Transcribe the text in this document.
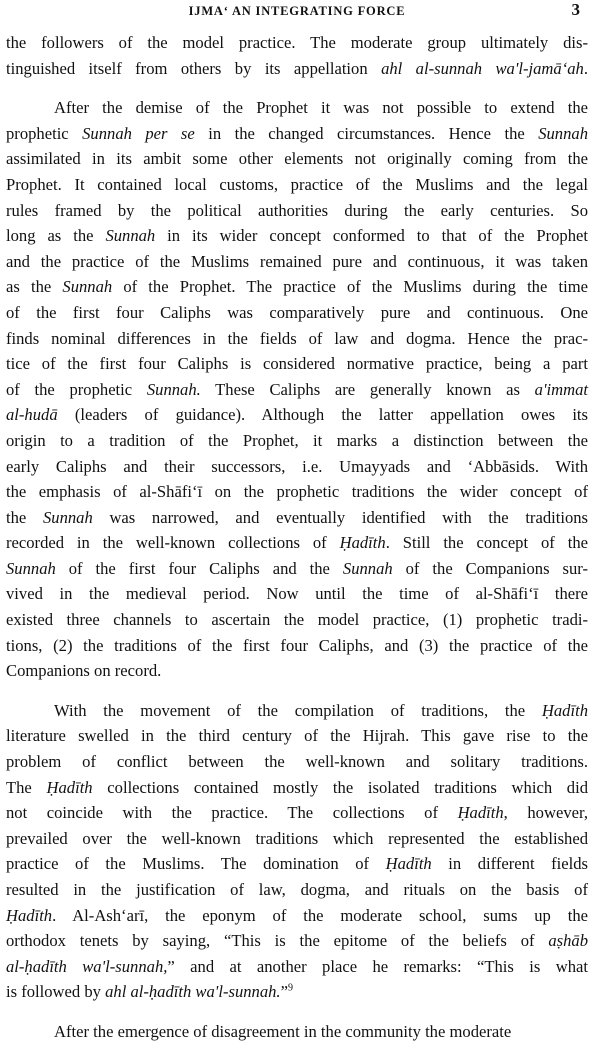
IJMA‘ AN INTEGRATING FORCE	3
the followers of the model practice. The moderate group ultimately dis-
tinguished itself from others by its appellation ahl al-sunnah wa'l-jamā‘ah.
After the demise of the Prophet it was not possible to extend the
prophetic Sunnah per se in the changed circumstances. Hence the Sunnah
assimilated in its ambit some other elements not originally coming from the
Prophet. It contained local customs, practice of the Muslims and the legal
rules framed by the political authorities during the early centuries. So
long as the Sunnah in its wider concept conformed to that of the Prophet
and the practice of the Muslims remained pure and continuous, it was taken
as the Sunnah of the Prophet. The practice of the Muslims during the time
of the first four Caliphs was comparatively pure and continuous. One
finds nominal differences in the fields of law and dogma. Hence the prac-
tice of the first four Caliphs is considered normative practice, being a part
of the prophetic Sunnah. These Caliphs are generally known as a'immat
al-hudā (leaders of guidance). Although the latter appellation owes its
origin to a tradition of the Prophet, it marks a distinction between the
early Caliphs and their successors, i.e. Umayyads and ‘Abbāsids. With
the emphasis of al-Shāfi‘ī on the prophetic traditions the wider concept of
the Sunnah was narrowed, and eventually identified with the traditions
recorded in the well-known collections of Ḥadīth. Still the concept of the
Sunnah of the first four Caliphs and the Sunnah of the Companions sur-
vived in the medieval period. Now until the time of al-Shāfi‘ī there
existed three channels to ascertain the model practice, (1) prophetic tradi-
tions, (2) the traditions of the first four Caliphs, and (3) the practice of the
Companions on record.
With the movement of the compilation of traditions, the Ḥadīth
literature swelled in the third century of the Hijrah. This gave rise to the
problem of conflict between the well-known and solitary traditions.
The Ḥadīth collections contained mostly the isolated traditions which did
not coincide with the practice. The collections of Ḥadīth, however,
prevailed over the well-known traditions which represented the established
practice of the Muslims. The domination of Ḥadīth in different fields
resulted in the justification of law, dogma, and rituals on the basis of
Ḥadīth. Al-Ash‘arī, the eponym of the moderate school, sums up the
orthodox tenets by saying, “This is the epitome of the beliefs of aṣhāb
al-ḥadīth wa'l-sunnah,” and at another place he remarks: “This is what
is followed by ahl al-ḥadīth wa'l-sunnah.”$^9$
After the emergence of disagreement in the community the moderate
